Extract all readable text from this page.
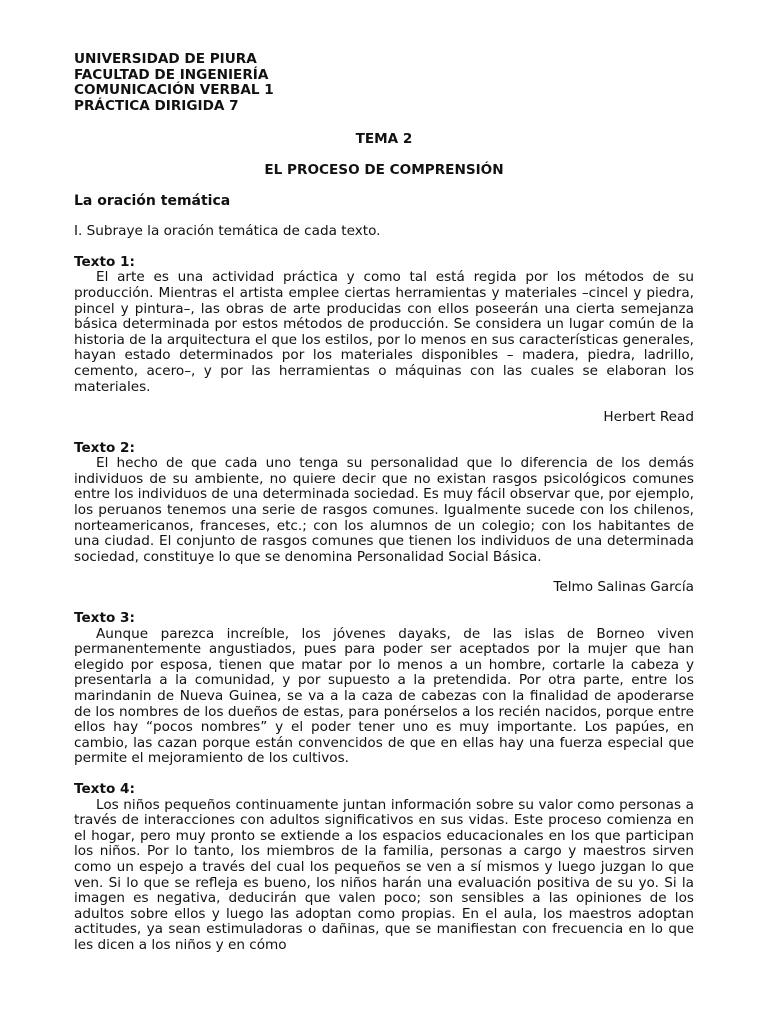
UNIVERSIDAD DE PIURA
FACULTAD DE INGENIERÍA
COMUNICACIÓN VERBAL 1
PRÁCTICA DIRIGIDA 7
TEMA 2
EL PROCESO DE COMPRENSIÓN
La oración temática
I. Subraye la oración temática de cada texto.
Texto 1:
El arte es una actividad práctica y como tal está regida por los métodos de su producción. Mientras el artista emplee ciertas herramientas y materiales –cincel y piedra, pincel y pintura–, las obras de arte producidas con ellos poseerán una cierta semejanza básica determinada por estos métodos de producción. Se considera un lugar común de la historia de la arquitectura el que los estilos, por lo menos en sus características generales, hayan estado determinados por los materiales disponibles – madera, piedra, ladrillo, cemento, acero–, y por las herramientas o máquinas con las cuales se elaboran los materiales.
Herbert Read
Texto 2:
El hecho de que cada uno tenga su personalidad que lo diferencia de los demás individuos de su ambiente, no quiere decir que no existan rasgos psicológicos comunes entre los individuos de una determinada sociedad. Es muy fácil observar que, por ejemplo, los peruanos tenemos una serie de rasgos comunes. Igualmente sucede con los chilenos, norteamericanos, franceses, etc.; con los alumnos de un colegio; con los habitantes de una ciudad. El conjunto de rasgos comunes que tienen los individuos de una determinada sociedad, constituye lo que se denomina Personalidad Social Básica.
Telmo Salinas García
Texto 3:
Aunque parezca increíble, los jóvenes dayaks, de las islas de Borneo viven permanentemente angustiados, pues para poder ser aceptados por la mujer que han elegido por esposa, tienen que matar por lo menos a un hombre, cortarle la cabeza y presentarla a la comunidad, y por supuesto a la pretendida. Por otra parte, entre los marindanin de Nueva Guinea, se va a la caza de cabezas con la finalidad de apoderarse de los nombres de los dueños de estas, para ponérselos a los recién nacidos, porque entre ellos hay “pocos nombres” y el poder tener uno es muy importante. Los papúes, en cambio, las cazan porque están convencidos de que en ellas hay una fuerza especial que permite el mejoramiento de los cultivos.
Texto 4:
Los niños pequeños continuamente juntan información sobre su valor como personas a través de interacciones con adultos significativos en sus vidas. Este proceso comienza en el hogar, pero muy pronto se extiende a los espacios educacionales en los que participan los niños. Por lo tanto, los miembros de la familia, personas a cargo y maestros sirven como un espejo a través del cual los pequeños se ven a sí mismos y luego juzgan lo que ven. Si lo que se refleja es bueno, los niños harán una evaluación positiva de su yo. Si la imagen es negativa, deducirán que valen poco; son sensibles a las opiniones de los adultos sobre ellos y luego las adoptan como propias. En el aula, los maestros adoptan actitudes, ya sean estimuladoras o dañinas, que se manifiestan con frecuencia en lo que les dicen a los niños y en cómo
